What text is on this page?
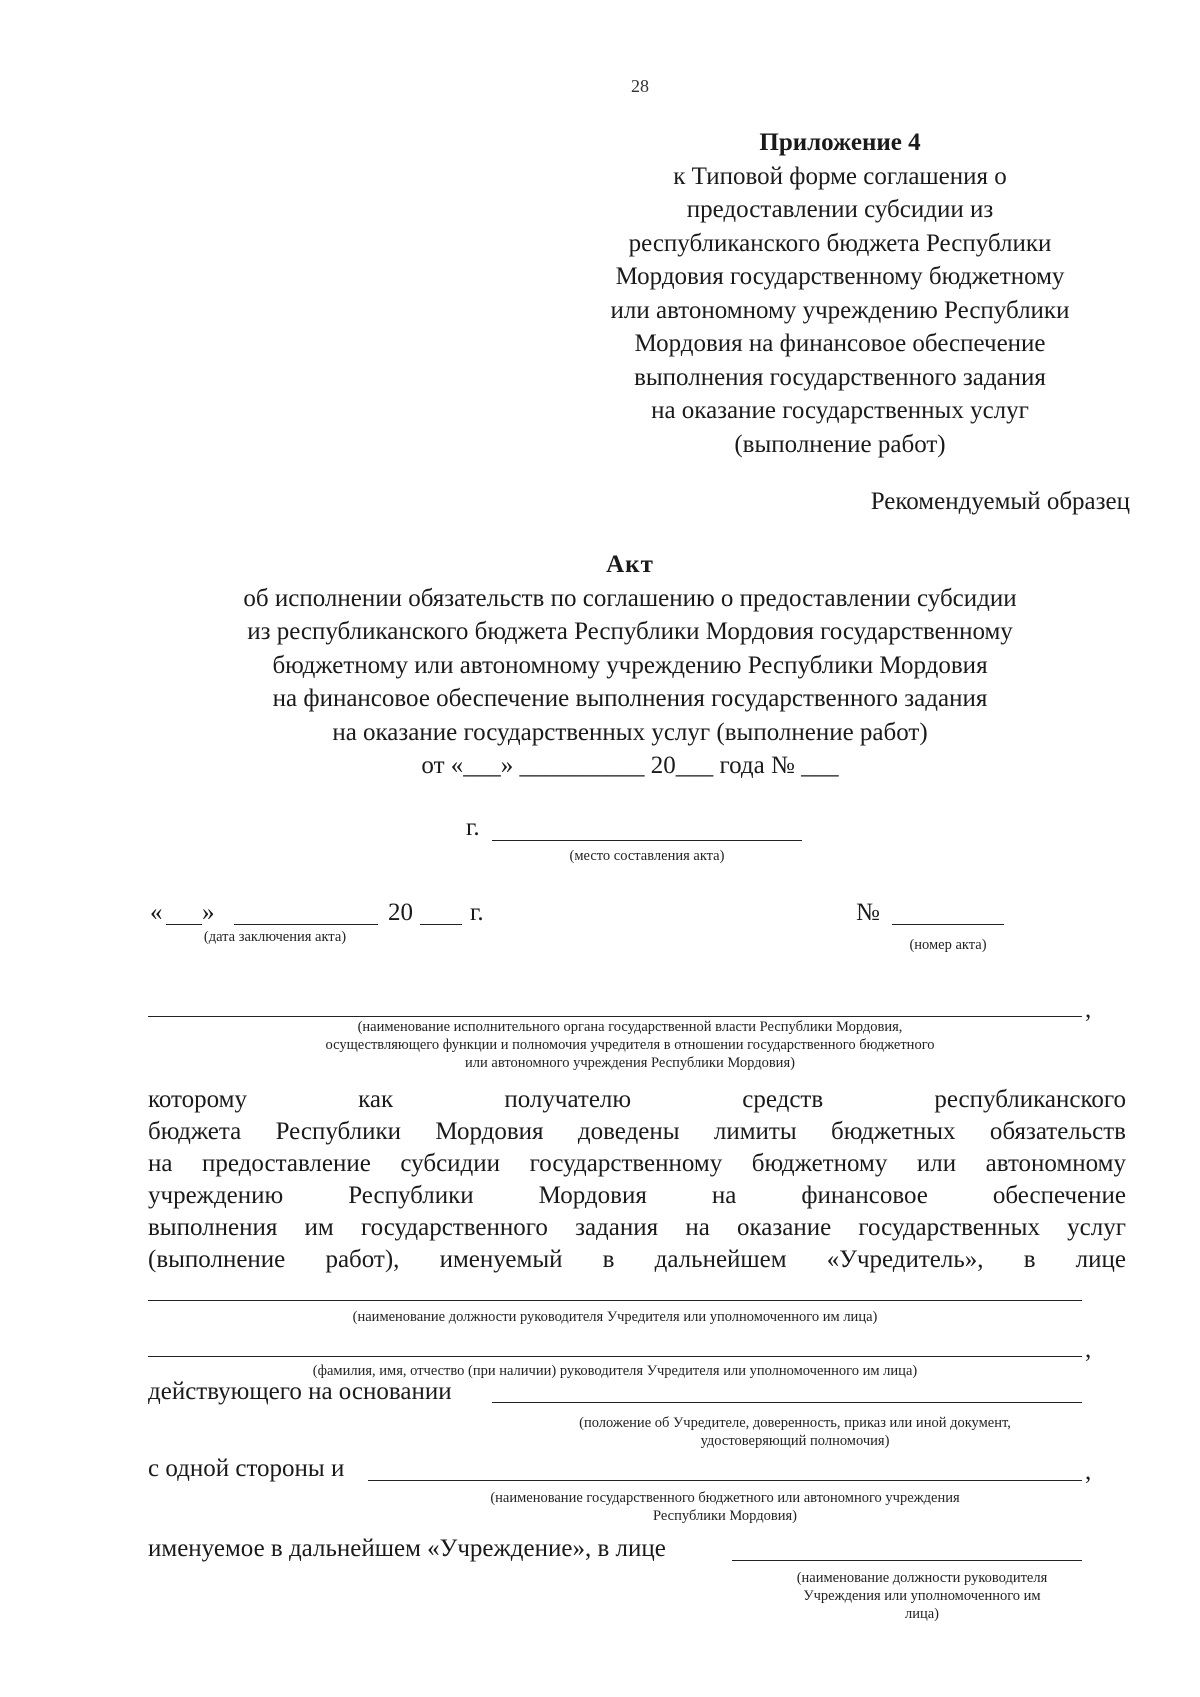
28
Приложение 4
к Типовой форме соглашения о
предоставлении субсидии из
республиканского бюджета Республики
Мордовия государственному бюджетному
или автономному учреждению Республики
Мордовия на финансовое обеспечение
выполнения государственного задания
на оказание государственных услуг
(выполнение работ)
Рекомендуемый образец
Акт
об исполнении обязательств по соглашению о предоставлении субсидии
из республиканского бюджета Республики Мордовия государственному
бюджетному или автономному учреждению Республики Мордовия
на финансовое обеспечение выполнения государственного задания
на оказание государственных услуг (выполнение работ)
от «___» __________ 20___ года № ___
г.
(место составления акта)
« »	20 г.
(дата заключения акта)
№
(номер акта)
,
(наименование исполнительного органа государственной власти Республики Мордовия,
осуществляющего функции и полномочия учредителя в отношении государственного бюджетного
или автономного учреждения Республики Мордовия)
которому как получателю средств республиканского
бюджета Республики Мордовия доведены лимиты бюджетных обязательств
на предоставление субсидии государственному бюджетному или автономному
учреждению Республики Мордовия на финансовое обеспечение
выполнения им государственного задания на оказание государственных услуг
(выполнение работ), именуемый в дальнейшем «Учредитель», в лице
(наименование должности руководителя Учредителя или уполномоченного им лица)
,
(фамилия, имя, отчество (при наличии) руководителя Учредителя или уполномоченного им лица)
действующего на основании
(положение об Учредителе, доверенность, приказ или иной документ,
удостоверяющий полномочия)
с одной стороны и	,
(наименование государственного бюджетного или автономного учреждения
Республики Мордовия)
именуемое в дальнейшем «Учреждение», в лице
(наименование должности руководителя
Учреждения или уполномоченного им
лица)
